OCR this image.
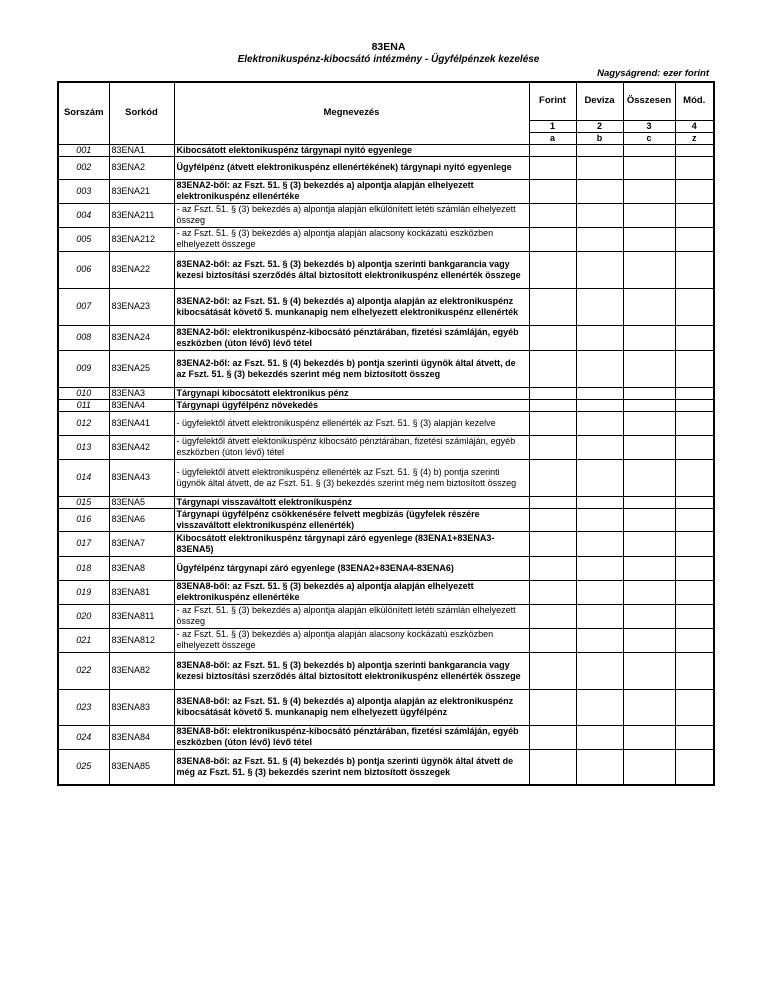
83ENA
Elektronikuspénz-kibocsátó intézmény - Ügyfélpénzek kezelése
Nagyságrend: ezer forint
Sorszám	Sorkód	Megnevezés	Forint	Deviza	Összesen	Mód.
			1	2	3	4
			a	b	c	z
001	83ENA1	Kibocsátott elektonikuspénz tárgynapi nyitó egyenlege				
002	83ENA2	Ügyfélpénz (átvett elektronikuspénz ellenértékének) tárgynapi nyitó egyenlege				
003	83ENA21	83ENA2-ből: az Fszt. 51. § (3) bekezdés a) alpontja alapján elhelyezett elektronikuspénz ellenértéke				
004	83ENA211	- az Fszt. 51. § (3) bekezdés a) alpontja alapján elkülönített letéti számlán elhelyezett összeg				
005	83ENA212	- az Fszt. 51. § (3) bekezdés a) alpontja alapján alacsony kockázatú eszközben elhelyezett összege				
006	83ENA22	83ENA2-ből: az Fszt. 51. § (3) bekezdés b) alpontja szerinti bankgarancia vagy kezesi biztosítási szerződés által biztosított elektronikuspénz ellenérték összege				
007	83ENA23	83ENA2-ből: az Fszt. 51. § (4) bekezdés a) alpontja alapján az elektronikuspénz kibocsátását követő 5. munkanapig nem elhelyezett elektronikuspénz ellenérték				
008	83ENA24	83ENA2-ből: elektronikuspénz-kibocsátó pénztárában, fizetési számláján, egyéb eszközben (úton lévő) lévő tétel				
009	83ENA25	83ENA2-ből: az Fszt. 51. § (4) bekezdés b) pontja szerinti ügynök által átvett, de az Fszt. 51. § (3) bekezdés szerint még nem biztosított összeg				
010	83ENA3	Tárgynapi kibocsátott elektronikus pénz				
011	83ENA4	Tárgynapi ügyfélpénz növekedés				
012	83ENA41	- ügyfelektől átvett elektronikuspénz ellenérték az Fszt. 51. § (3) alapján kezelve				
013	83ENA42	- ügyfelektől átvett elektonikuspénz kibocsátó pénztárában, fizetési számláján, egyéb eszközben (úton lévő) tétel				
014	83ENA43	- ügyfelektől átvett elektronikuspénz ellenérték az Fszt. 51. § (4) b) pontja szerinti ügynök által átvett, de az Fszt. 51. § (3) bekezdés szerint még nem biztosított összeg				
015	83ENA5	Tárgynapi visszaváltott elektronikuspénz				
016	83ENA6	Tárgynapi ügyfélpénz csökkenésére felvett megbízás (ügyfelek részére visszaváltott elektronikuspénz ellenérték)				
017	83ENA7	Kibocsátott elektronikuspénz tárgynapi záró egyenlege (83ENA1+83ENA3-83ENA5)				
018	83ENA8	Ügyfélpénz tárgynapi záró egyenlege (83ENA2+83ENA4-83ENA6)				
019	83ENA81	83ENA8-ből: az Fszt. 51. § (3) bekezdés a) alpontja alapján elhelyezett elektronikuspénz ellenértéke				
020	83ENA811	- az Fszt. 51. § (3) bekezdés a) alpontja alapján elkülönített letéti számlán elhelyezett összeg				
021	83ENA812	- az Fszt. 51. § (3) bekezdés a) alpontja alapján alacsony kockázatú eszközben elhelyezett összege				
022	83ENA82	83ENA8-ből: az Fszt. 51. § (3) bekezdés b) alpontja szerinti bankgarancia vagy kezesi biztosítási szerződés által biztosított elektronikuspénz ellenérték összege				
023	83ENA83	83ENA8-ből: az Fszt. 51. § (4) bekezdés a) alpontja alapján az elektronikuspénz kibocsátását követő 5. munkanapig nem elhelyezett ügyfélpénz				
024	83ENA84	83ENA8-ből: elektronikuspénz-kibocsátó pénztárában, fizetési számláján, egyéb eszközben (úton lévő) lévő tétel				
025	83ENA85	83ENA8-ből: az Fszt. 51. § (4) bekezdés b) pontja szerinti ügynök által átvett de még az Fszt. 51. § (3) bekezdés szerint nem biztosított összegek				
